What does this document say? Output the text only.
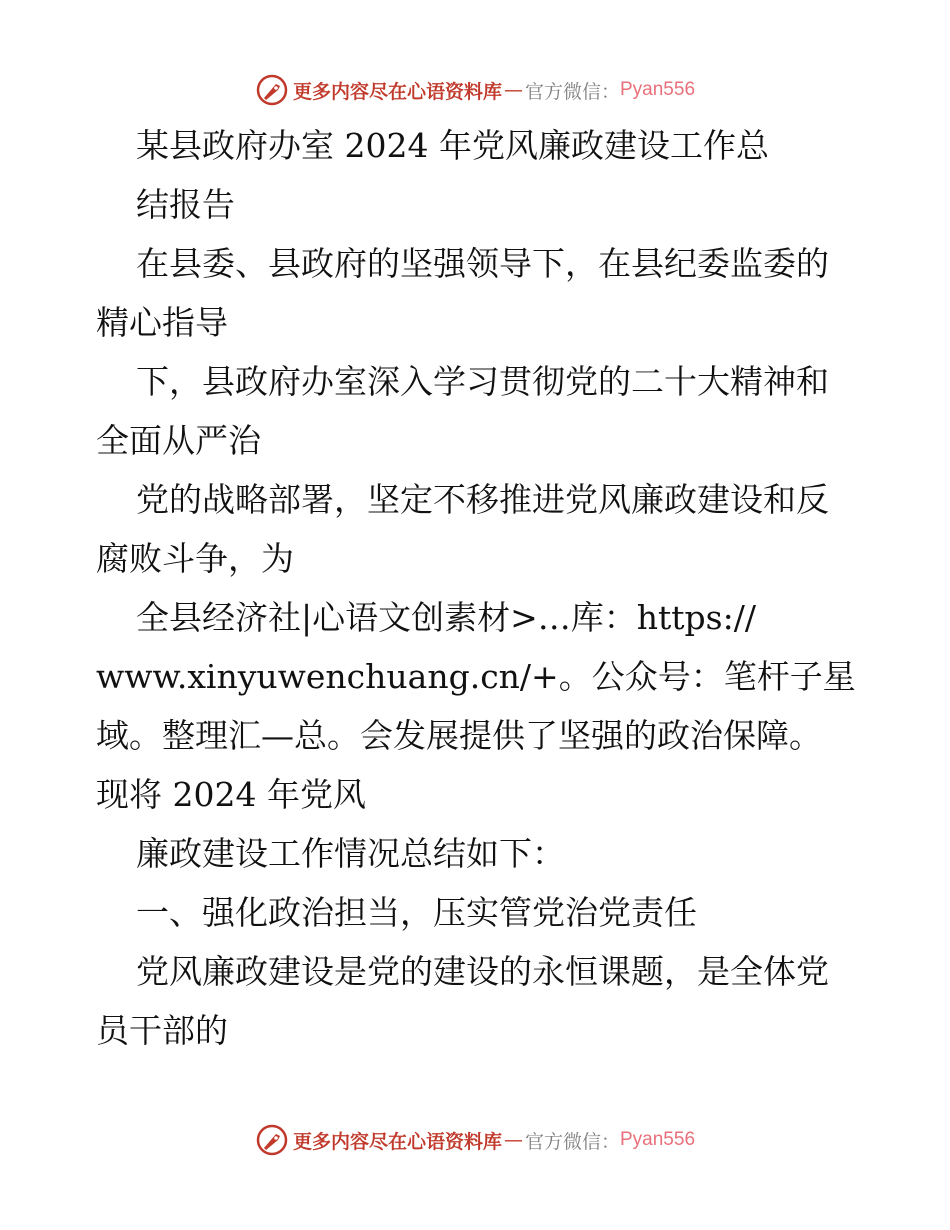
更多内容尽在心语资料库 — 官方微信： Pyan556
某县政府办室 2024 年党风廉政建设工作总
结报告
在县委、县政府的坚强领导下，在县纪委监委的
精心指导
下，县政府办室深入学习贯彻党的二十大精神和
全面从严治
党的战略部署，坚定不移推进党风廉政建设和反
腐败斗争，为
全县经济社|心语文创素材>…库：https://
www.xinyuwenchuang.cn/+。公众号：笔杆子星
域。整理汇—总。会发展提供了坚强的政治保障。
现将 2024 年党风
廉政建设工作情况总结如下：
一、强化政治担当，压实管党治党责任
党风廉政建设是党的建设的永恒课题，是全体党
员干部的
更多内容尽在心语资料库 — 官方微信： Pyan556
